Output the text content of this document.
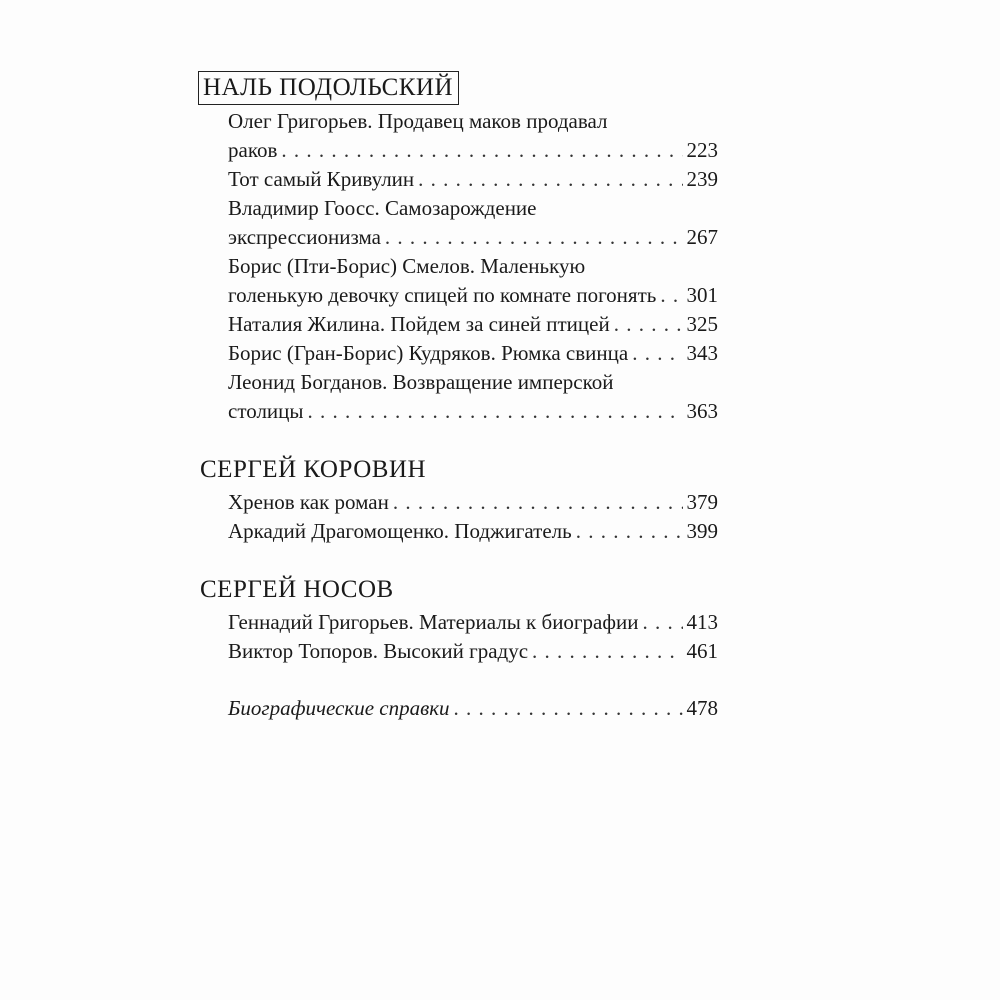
НАЛЬ ПОДОЛЬСКИЙ
Олег Григорьев. Продавец маков продавал
раков . . .	223
Тот самый Кривулин . . .	239
Владимир Гоосс. Самозарождение
экспрессионизма . . .	267
Борис (Пти-Борис) Смелов. Маленькую
голенькую девочку спицей по комнате погонять . . . 301
Наталия Жилина. Пойдем за синей птицей . . .	325
Борис (Гран-Борис) Кудряков. Рюмка свинца . . .	343
Леонид Богданов. Возвращение имперской
столицы . . .	363
СЕРГЕЙ КОРОВИН
Хренов как роман . . .	379
Аркадий Драгомощенко. Поджигатель . . .	399
СЕРГЕЙ НОСОВ
Геннадий Григорьев. Материалы к биографии . . . 413
Виктор Топоров. Высокий градус . . .	461
Биографические справки . . .	478
